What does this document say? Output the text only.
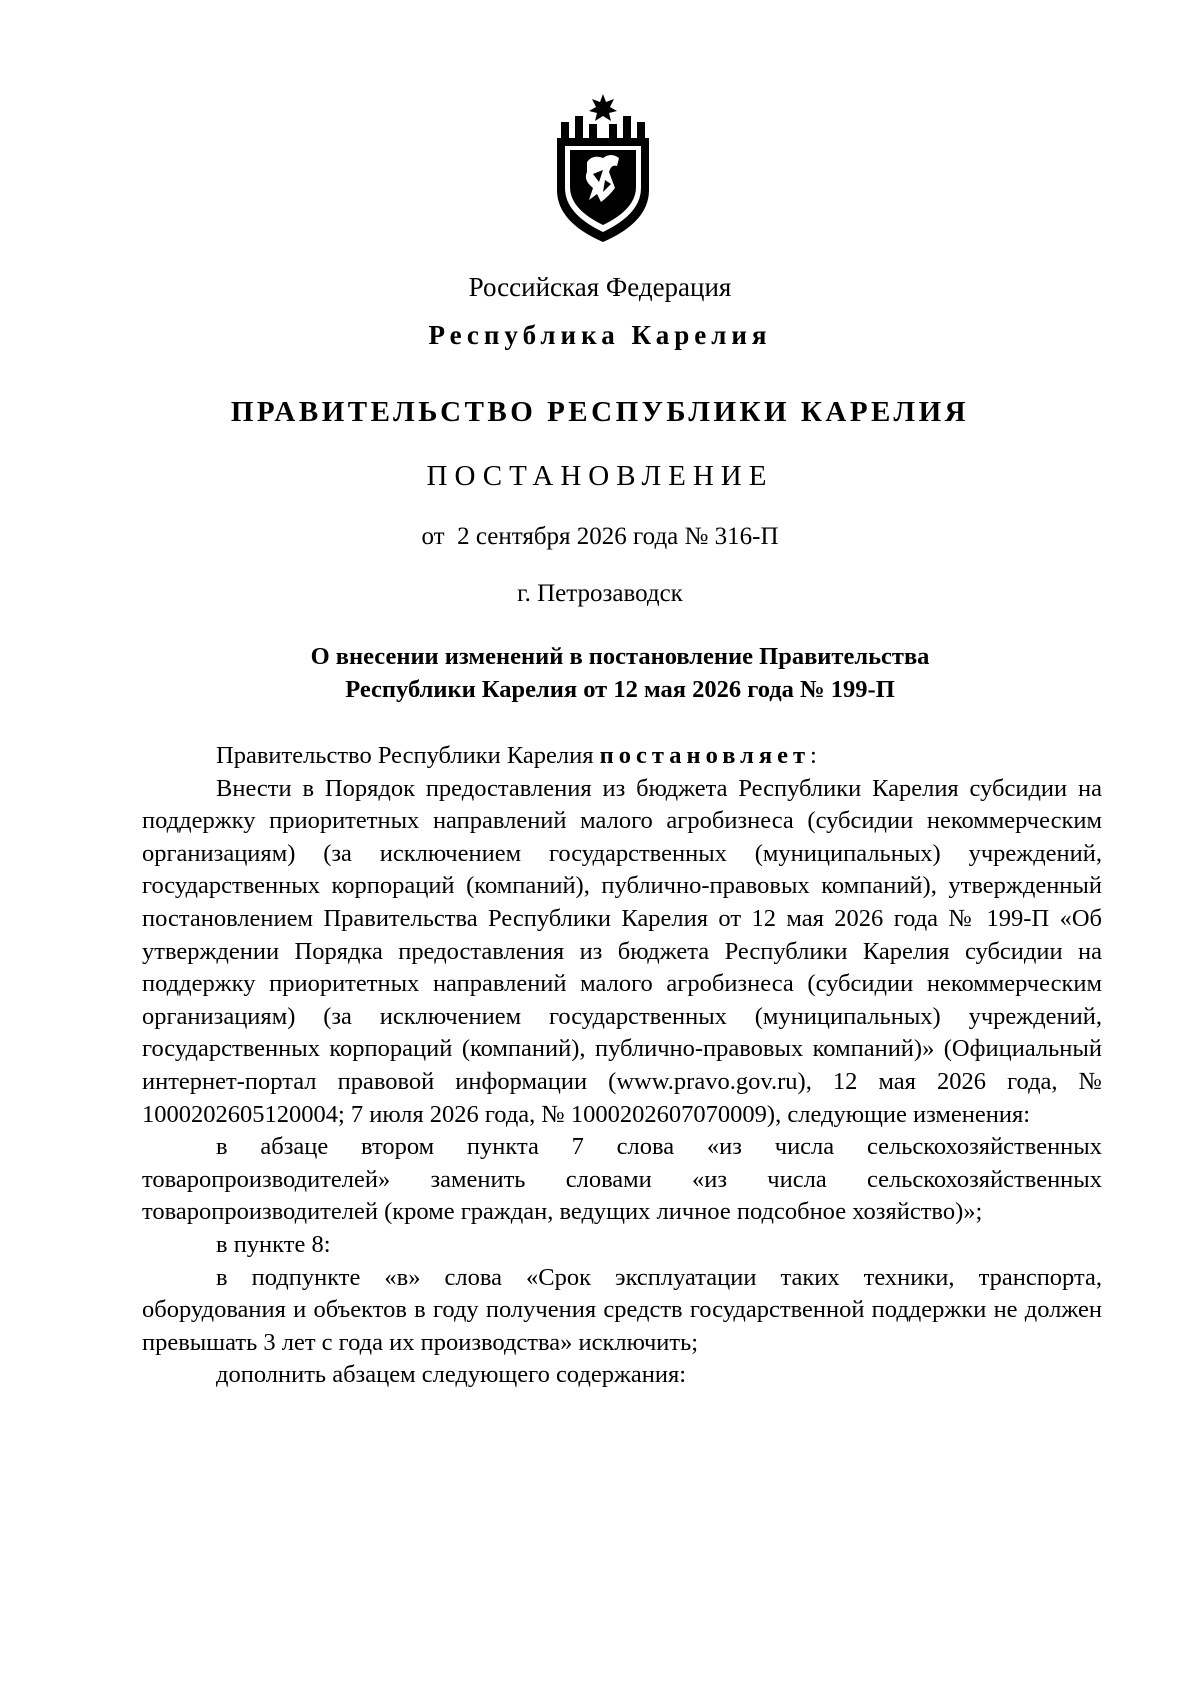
Российская Федерация
Республика Карелия
ПРАВИТЕЛЬСТВО РЕСПУБЛИКИ КАРЕЛИЯ
ПОСТАНОВЛЕНИЕ
от  2 сентября 2026 года № 316-П
г. Петрозаводск
О внесении изменений в постановление Правительства
Республики Карелия от 12 мая 2026 года № 199-П

Правительство Республики Карелия постановляет:

Внести в Порядок предоставления из бюджета Республики Карелия субсидии на поддержку приоритетных направлений малого агробизнеса (субсидии некоммерческим организациям) (за исключением государственных (муниципальных) учреждений, государственных корпораций (компаний), публично-правовых компаний), утвержденный постановлением Правительства Республики Карелия от 12 мая 2026 года № 199-П «Об утверждении Порядка предоставления из бюджета Республики Карелия субсидии на поддержку приоритетных направлений малого агробизнеса (субсидии некоммерческим организациям) (за исключением государственных (муниципальных) учреждений, государственных корпораций (компаний), публично-правовых компаний)» (Официальный интернет-портал правовой информации (www.pravo.gov.ru), 12 мая 2026 года, № 1000202605120004; 7 июля 2026 года, № 1000202607070009), следующие изменения:

в абзаце втором пункта 7 слова «из числа сельскохозяйственных товаропроизводителей» заменить словами «из числа сельскохозяйственных товаропроизводителей (кроме граждан, ведущих личное подсобное хозяйство)»;

в пункте 8:

в подпункте «в» слова «Срок эксплуатации таких техники, транспорта, оборудования и объектов в году получения средств государственной поддержки не должен превышать 3 лет с года их производства» исключить;

дополнить абзацем следующего содержания:
